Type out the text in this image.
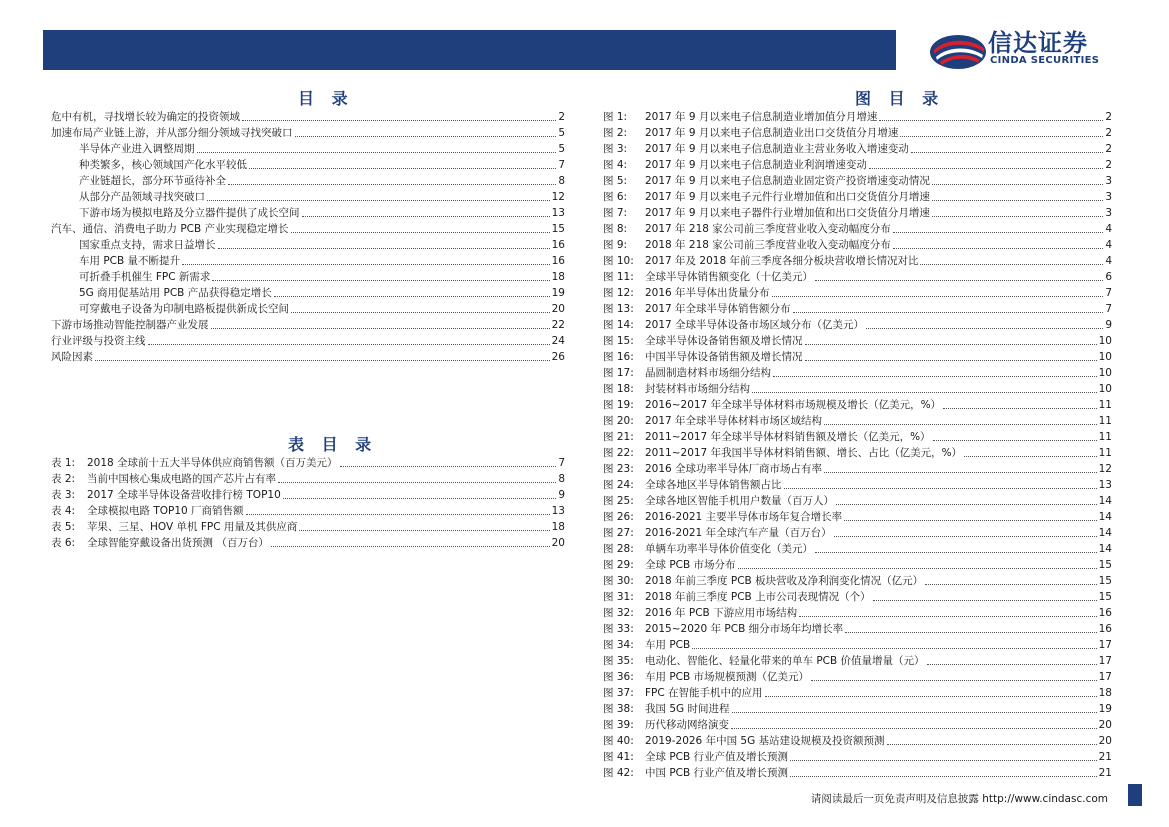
信达证券
CINDA SECURITIES
目 录
危中有机，寻找增长较为确定的投资领域	2
加速布局产业链上游，并从部分细分领域寻找突破口	5
半导体产业进入调整周期	5
种类繁多，核心领域国产化水平较低	7
产业链超长，部分环节亟待补全	8
从部分产品领域寻找突破口	12
下游市场为模拟电路及分立器件提供了成长空间	13
汽车、通信、消费电子助力 PCB 产业实现稳定增长	15
国家重点支持，需求日益增长	16
车用 PCB 量不断提升	16
可折叠手机催生 FPC 新需求	18
5G 商用促基站用 PCB 产品获得稳定增长	19
可穿戴电子设备为印制电路板提供新成长空间	20
下游市场推动智能控制器产业发展	22
行业评级与投资主线	24
风险因素	26
表 目 录
表 1:	2018 全球前十五大半导体供应商销售额（百万美元）	7
表 2:	当前中国核心集成电路的国产芯片占有率	8
表 3:	2017 全球半导体设备营收排行榜 TOP10	9
表 4:	全球模拟电路 TOP10 厂商销售额	13
表 5:	苹果、三星、HOV 单机 FPC 用量及其供应商	18
表 6:	全球智能穿戴设备出货预测 （百万台）	20
图 目 录
图 1:	2017 年 9 月以来电子信息制造业增加值分月增速	2
图 2:	2017 年 9 月以来电子信息制造业出口交货值分月增速	2
图 3:	2017 年 9 月以来电子信息制造业主营业务收入增速变动	2
图 4:	2017 年 9 月以来电子信息制造业利润增速变动	2
图 5:	2017 年 9 月以来电子信息制造业固定资产投资增速变动情况	3
图 6:	2017 年 9 月以来电子元件行业增加值和出口交货值分月增速	3
图 7:	2017 年 9 月以来电子器件行业增加值和出口交货值分月增速	3
图 8:	2017 年 218 家公司前三季度营业收入变动幅度分布	4
图 9:	2018 年 218 家公司前三季度营业收入变动幅度分布	4
图 10:	2017 年及 2018 年前三季度各细分板块营收增长情况对比	4
图 11:	全球半导体销售额变化（十亿美元）	6
图 12:	2016 年半导体出货量分布	7
图 13:	2017 年全球半导体销售额分布	7
图 14:	2017 全球半导体设备市场区域分布（亿美元）	9
图 15:	全球半导体设备销售额及增长情况	10
图 16:	中国半导体设备销售额及增长情况	10
图 17:	晶圆制造材料市场细分结构	10
图 18:	封装材料市场细分结构	10
图 19:	2016~2017 年全球半导体材料市场规模及增长（亿美元，%）	11
图 20:	2017 年全球半导体材料市场区域结构	11
图 21:	2011~2017 年全球半导体材料销售额及增长（亿美元，%）	11
图 22:	2011~2017 年我国半导体材料销售额、增长、占比（亿美元，%）	11
图 23:	2016 全球功率半导体厂商市场占有率	12
图 24:	全球各地区半导体销售额占比	13
图 25:	全球各地区智能手机用户数量（百万人）	14
图 26:	2016-2021 主要半导体市场年复合增长率	14
图 27:	2016-2021 年全球汽车产量（百万台）	14
图 28:	单辆车功率半导体价值变化（美元）	14
图 29:	全球 PCB 市场分布	15
图 30:	2018 年前三季度 PCB 板块营收及净利润变化情况（亿元）	15
图 31:	2018 年前三季度 PCB 上市公司表现情况（个）	15
图 32:	2016 年 PCB 下游应用市场结构	16
图 33:	2015~2020 年 PCB 细分市场年均增长率	16
图 34:	车用 PCB	17
图 35:	电动化、智能化、轻量化带来的单车 PCB 价值量增量（元）	17
图 36:	车用 PCB 市场规模预测（亿美元）	17
图 37:	FPC 在智能手机中的应用	18
图 38:	我国 5G 时间进程	19
图 39:	历代移动网络演变	20
图 40:	2019-2026 年中国 5G 基站建设规模及投资额预测	20
图 41:	全球 PCB 行业产值及增长预测	21
图 42:	中国 PCB 行业产值及增长预测	21
请阅读最后一页免责声明及信息披露 http://www.cindasc.com
